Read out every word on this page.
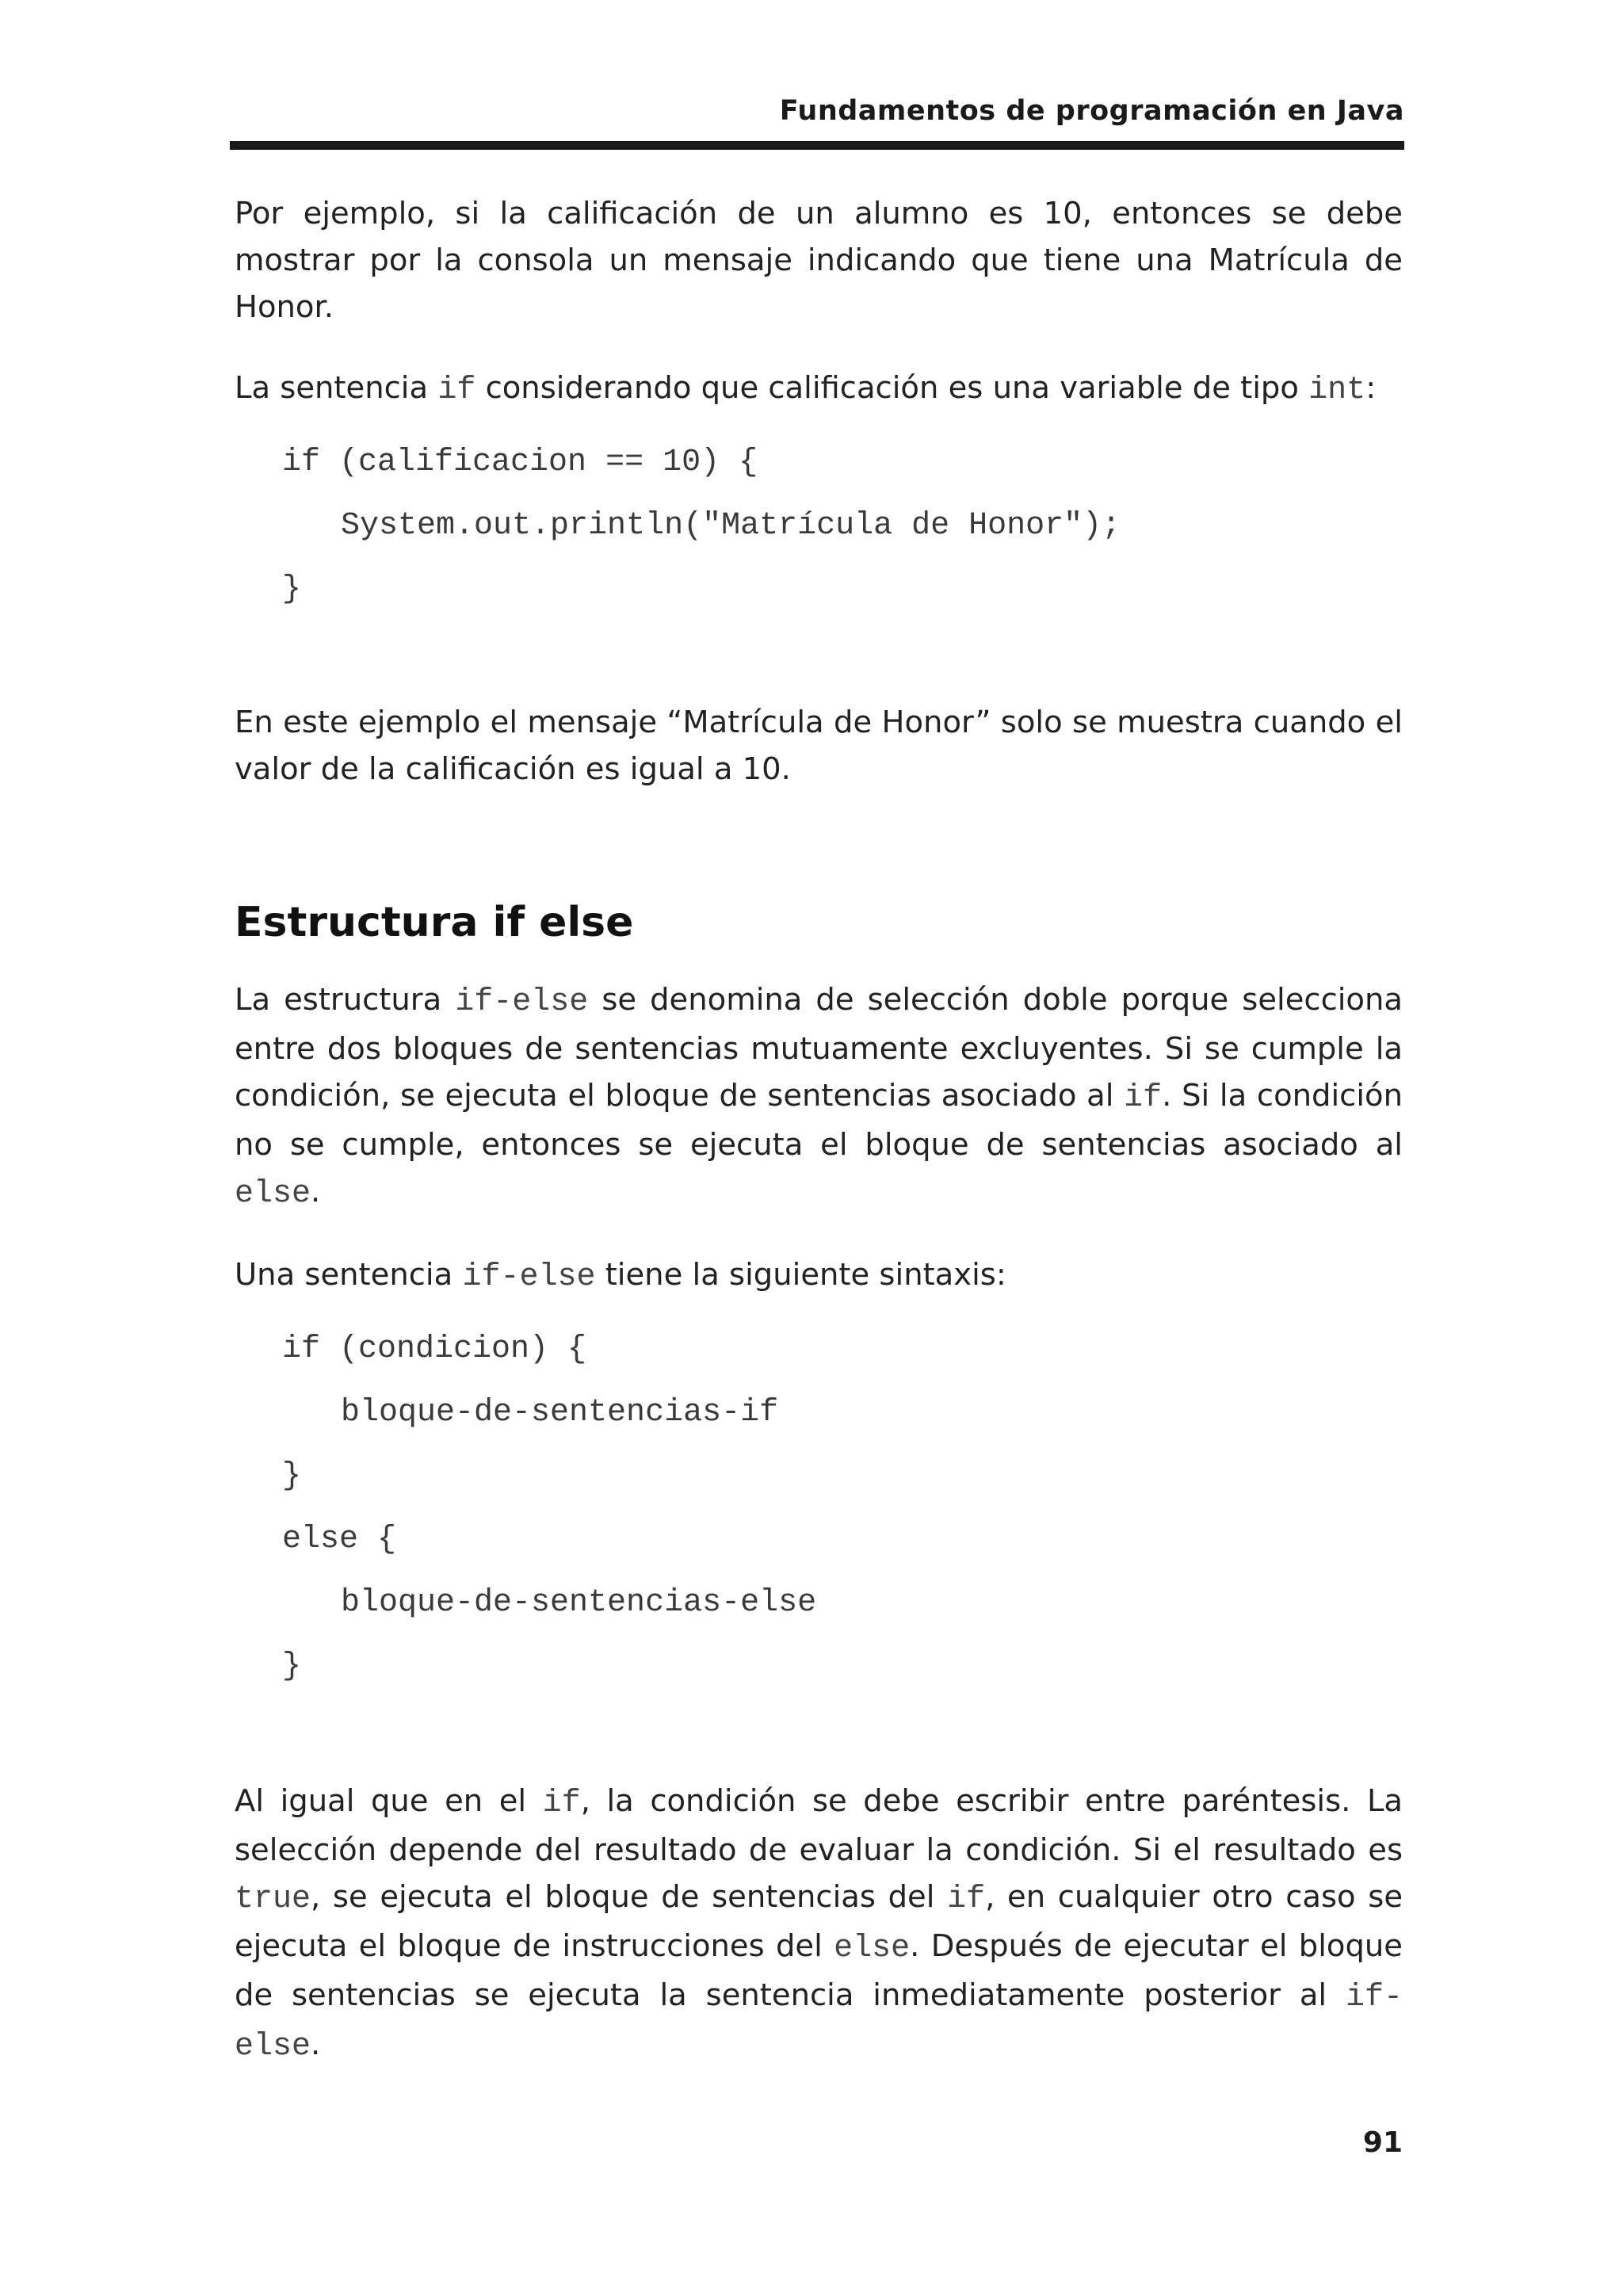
Fundamentos de programación en Java

Por ejemplo, si la calificación de un alumno es 10, entonces se debe mostrar por la consola un mensaje indicando que tiene una Matrícula de Honor.

La sentencia if considerando que calificación es una variable de tipo int:

if (calificacion == 10) {
System.out.println("Matrícula de Honor");
}

En este ejemplo el mensaje “Matrícula de Honor” solo se muestra cuando el valor de la calificación es igual a 10.

Estructura if else

La estructura if-else se denomina de selección doble porque selecciona entre dos bloques de sentencias mutuamente excluyentes. Si se cumple la condición, se ejecuta el bloque de sentencias asociado al if. Si la condición no se cumple, entonces se ejecuta el bloque de sentencias asociado al else.

Una sentencia if-else tiene la siguiente sintaxis:

if (condicion) {
bloque-de-sentencias-if
}
else {
bloque-de-sentencias-else
}

Al igual que en el if, la condición se debe escribir entre paréntesis. La selección depende del resultado de evaluar la condición. Si el resultado es true, se ejecuta el bloque de sentencias del if, en cualquier otro caso se ejecuta el bloque de instrucciones del else. Después de ejecutar el bloque de sentencias se ejecuta la sentencia inmediatamente posterior al if-else.

91
